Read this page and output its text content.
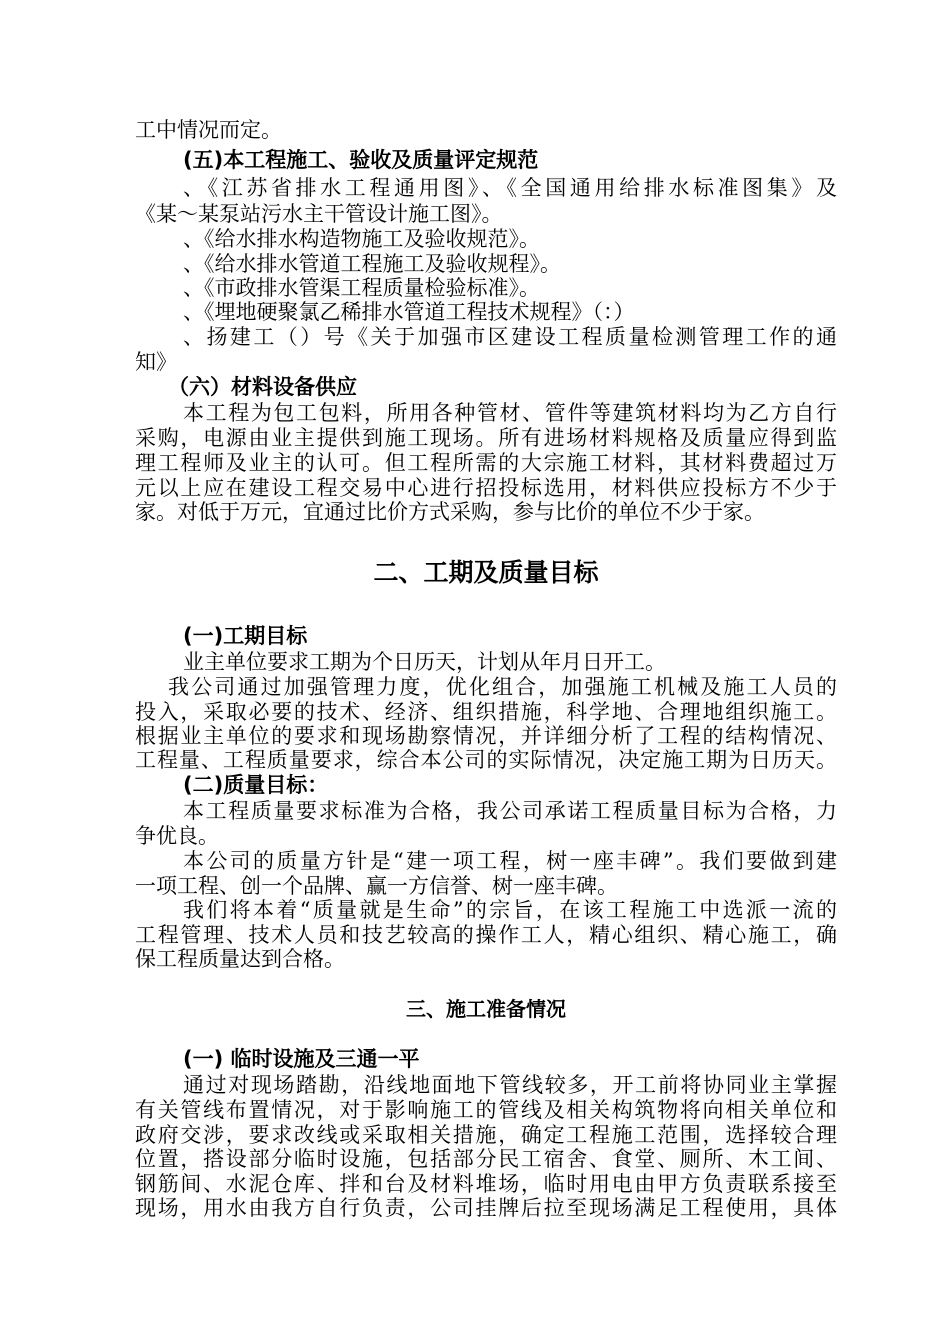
工中情况而定。
(五)本工程施工、验收及质量评定规范
、《江苏省排水工程通用图》、《全国通用给排水标准图集》及
《某～某泵站污水主干管设计施工图》。
、《给水排水构造物施工及验收规范》。
、《给水排水管道工程施工及验收规程》。
、《市政排水管渠工程质量检验标准》。
、《埋地硬聚氯乙稀排水管道工程技术规程》（：）
、扬建工（）号《关于加强市区建设工程质量检测管理工作的通
知》
（六）材料设备供应
本工程为包工包料，所用各种管材、管件等建筑材料均为乙方自行
采购，电源由业主提供到施工现场。所有进场材料规格及质量应得到监
理工程师及业主的认可。但工程所需的大宗施工材料，其材料费超过万
元以上应在建设工程交易中心进行招投标选用，材料供应投标方不少于
家。对低于万元，宜通过比价方式采购，参与比价的单位不少于家。
二、工期及质量目标
(一)工期目标
业主单位要求工期为个日历天，计划从年月日开工。
我公司通过加强管理力度，优化组合，加强施工机械及施工人员的
投入，采取必要的技术、经济、组织措施，科学地、合理地组织施工。
根据业主单位的要求和现场勘察情况，并详细分析了工程的结构情况、
工程量、工程质量要求，综合本公司的实际情况，决定施工期为日历天。
(二)质量目标：
本工程质量要求标准为合格，我公司承诺工程质量目标为合格，力
争优良。
本公司的质量方针是“建一项工程，树一座丰碑”。我们要做到建
一项工程、创一个品牌、赢一方信誉、树一座丰碑。
我们将本着“质量就是生命”的宗旨，在该工程施工中选派一流的
工程管理、技术人员和技艺较高的操作工人，精心组织、精心施工，确
保工程质量达到合格。
三、施工准备情况
(一) 临时设施及三通一平
通过对现场踏勘，沿线地面地下管线较多，开工前将协同业主掌握
有关管线布置情况，对于影响施工的管线及相关构筑物将向相关单位和
政府交涉，要求改线或采取相关措施，确定工程施工范围，选择较合理
位置，搭设部分临时设施，包括部分民工宿舍、食堂、厕所、木工间、
钢筋间、水泥仓库、拌和台及材料堆场，临时用电由甲方负责联系接至
现场，用水由我方自行负责，公司挂牌后拉至现场满足工程使用，具体
